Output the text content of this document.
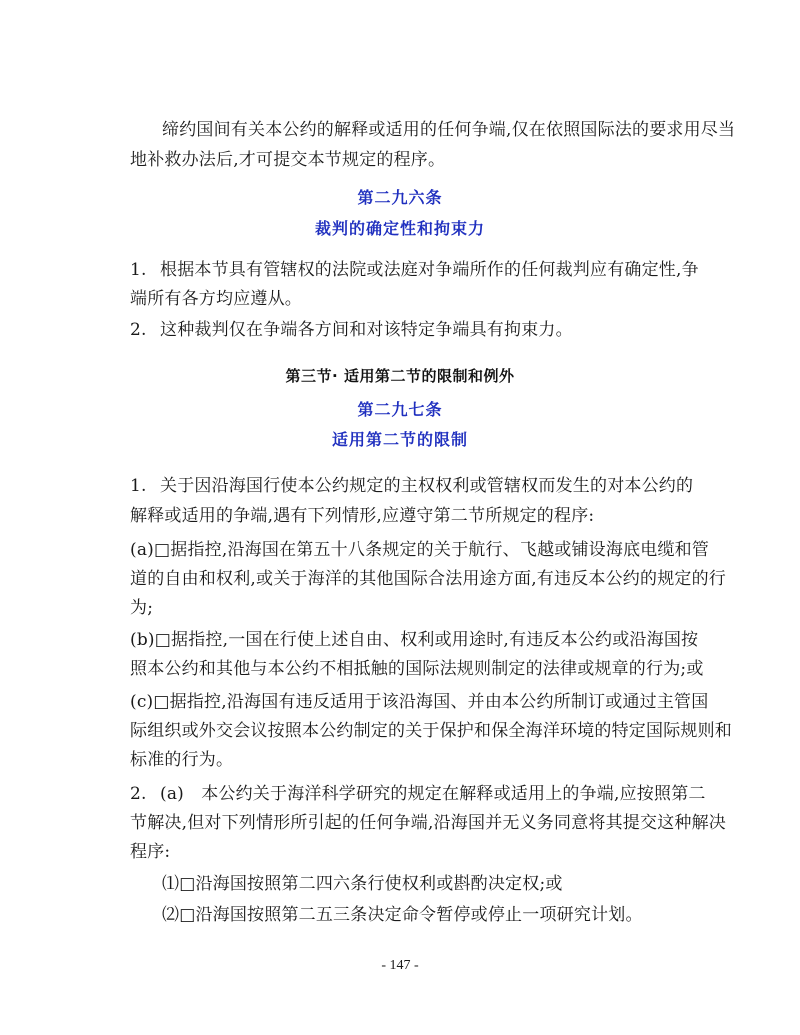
缔约国间有关本公约的解释或适用的任何争端,仅在依照国际法的要求用尽当
地补救办法后,才可提交本节规定的程序。
第二九六条
裁判的确定性和拘束力
1. 根据本节具有管辖权的法院或法庭对争端所作的任何裁判应有确定性,争
端所有各方均应遵从。
2. 这种裁判仅在争端各方间和对该特定争端具有拘束力。
第三节· 适用第二节的限制和例外
第二九七条
适用第二节的限制
1. 关于因沿海国行使本公约规定的主权权利或管辖权而发生的对本公约的
解释或适用的争端,遇有下列情形,应遵守第二节所规定的程序:
(a)□据指控,沿海国在第五十八条规定的关于航行、飞越或铺设海底电缆和管
道的自由和权利,或关于海洋的其他国际合法用途方面,有违反本公约的规定的行
为;
(b)□据指控,一国在行使上述自由、权利或用途时,有违反本公约或沿海国按
照本公约和其他与本公约不相抵触的国际法规则制定的法律或规章的行为;或
(c)□据指控,沿海国有违反适用于该沿海国、并由本公约所制订或通过主管国
际组织或外交会议按照本公约制定的关于保护和保全海洋环境的特定国际规则和
标准的行为。
2. (a)　本公约关于海洋科学研究的规定在解释或适用上的争端,应按照第二
节解决,但对下列情形所引起的任何争端,沿海国并无义务同意将其提交这种解决
程序:
⑴□沿海国按照第二四六条行使权利或斟酌决定权;或
⑵□沿海国按照第二五三条决定命令暂停或停止一项研究计划。
- 147 -
